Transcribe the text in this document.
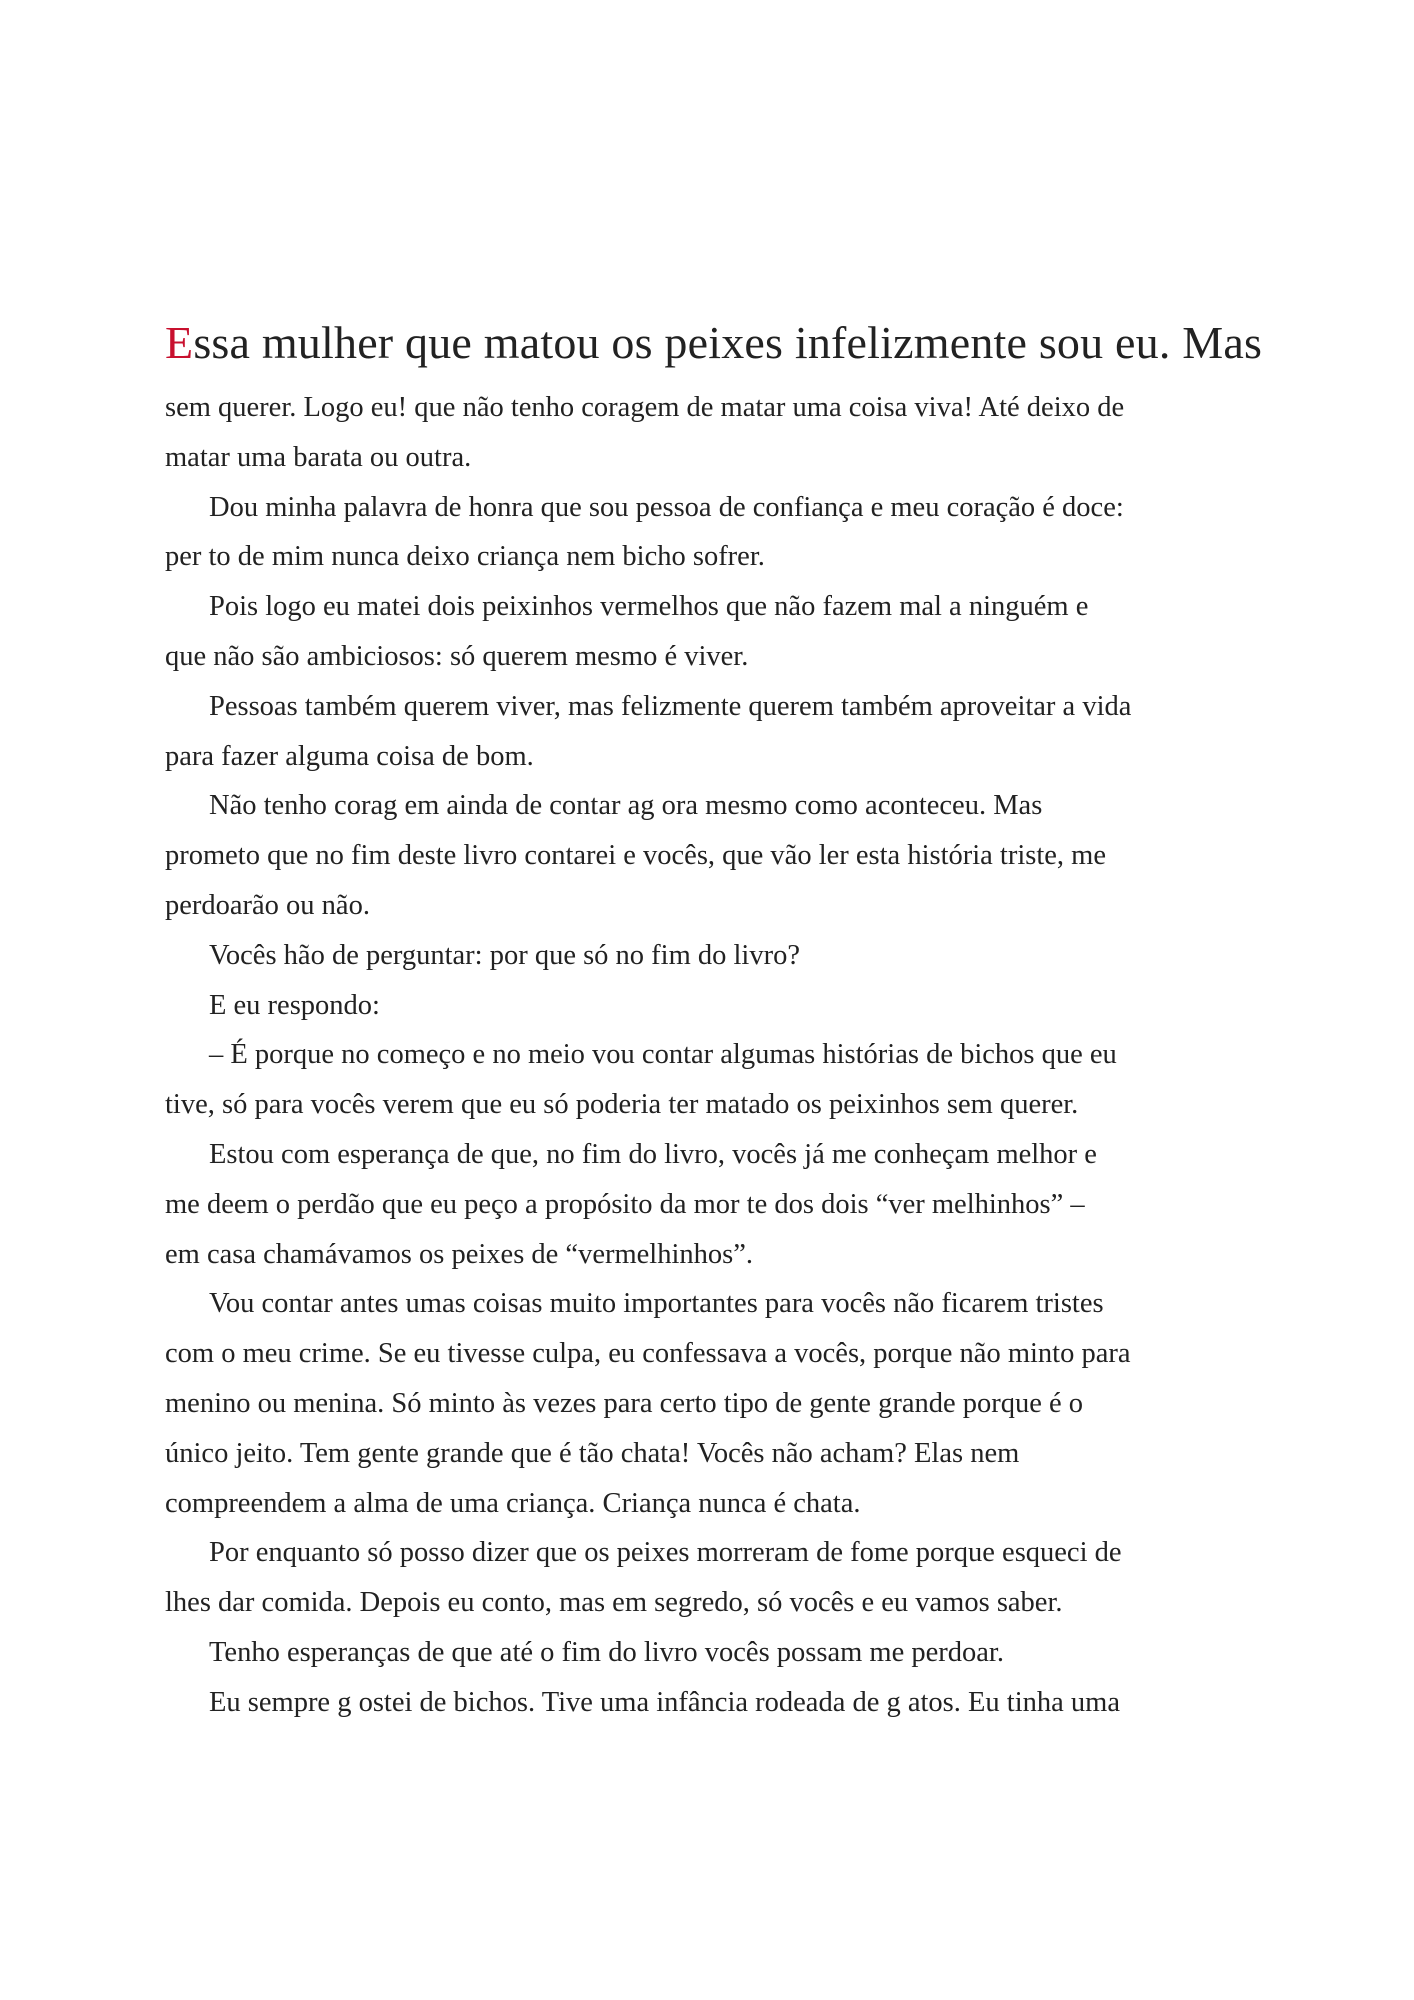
Essa mulher que matou os peixes infelizmente sou eu. Mas
sem querer. Logo eu! que não tenho coragem de matar uma coisa viva! Até deixo de
matar uma barata ou outra.
Dou minha palavra de honra que sou pessoa de confiança e meu coração é doce:
per to de mim nunca deixo criança nem bicho sofrer.
Pois logo eu matei dois peixinhos vermelhos que não fazem mal a ninguém e
que não são ambiciosos: só querem mesmo é viver.
Pessoas também querem viver, mas felizmente querem também aproveitar a vida
para fazer alguma coisa de bom.
Não tenho corag em ainda de contar ag ora mesmo como aconteceu. Mas
prometo que no fim deste livro contarei e vocês, que vão ler esta história triste, me
perdoarão ou não.
Vocês hão de perguntar: por que só no fim do livro?
E eu respondo:
– É porque no começo e no meio vou contar algumas histórias de bichos que eu
tive, só para vocês verem que eu só poderia ter matado os peixinhos sem querer.
Estou com esperança de que, no fim do livro, vocês já me conheçam melhor e
me deem o perdão que eu peço a propósito da mor te dos dois “ver melhinhos” –
em casa chamávamos os peixes de “vermelhinhos”.
Vou contar antes umas coisas muito importantes para vocês não ficarem tristes
com o meu crime. Se eu tivesse culpa, eu confessava a vocês, porque não minto para
menino ou menina. Só minto às vezes para certo tipo de gente grande porque é o
único jeito. Tem gente grande que é tão chata! Vocês não acham? Elas nem
compreendem a alma de uma criança. Criança nunca é chata.
Por enquanto só posso dizer que os peixes morreram de fome porque esqueci de
lhes dar comida. Depois eu conto, mas em segredo, só vocês e eu vamos saber.
Tenho esperanças de que até o fim do livro vocês possam me perdoar.
Eu sempre g ostei de bichos. Tive uma infância rodeada de g atos. Eu tinha uma
